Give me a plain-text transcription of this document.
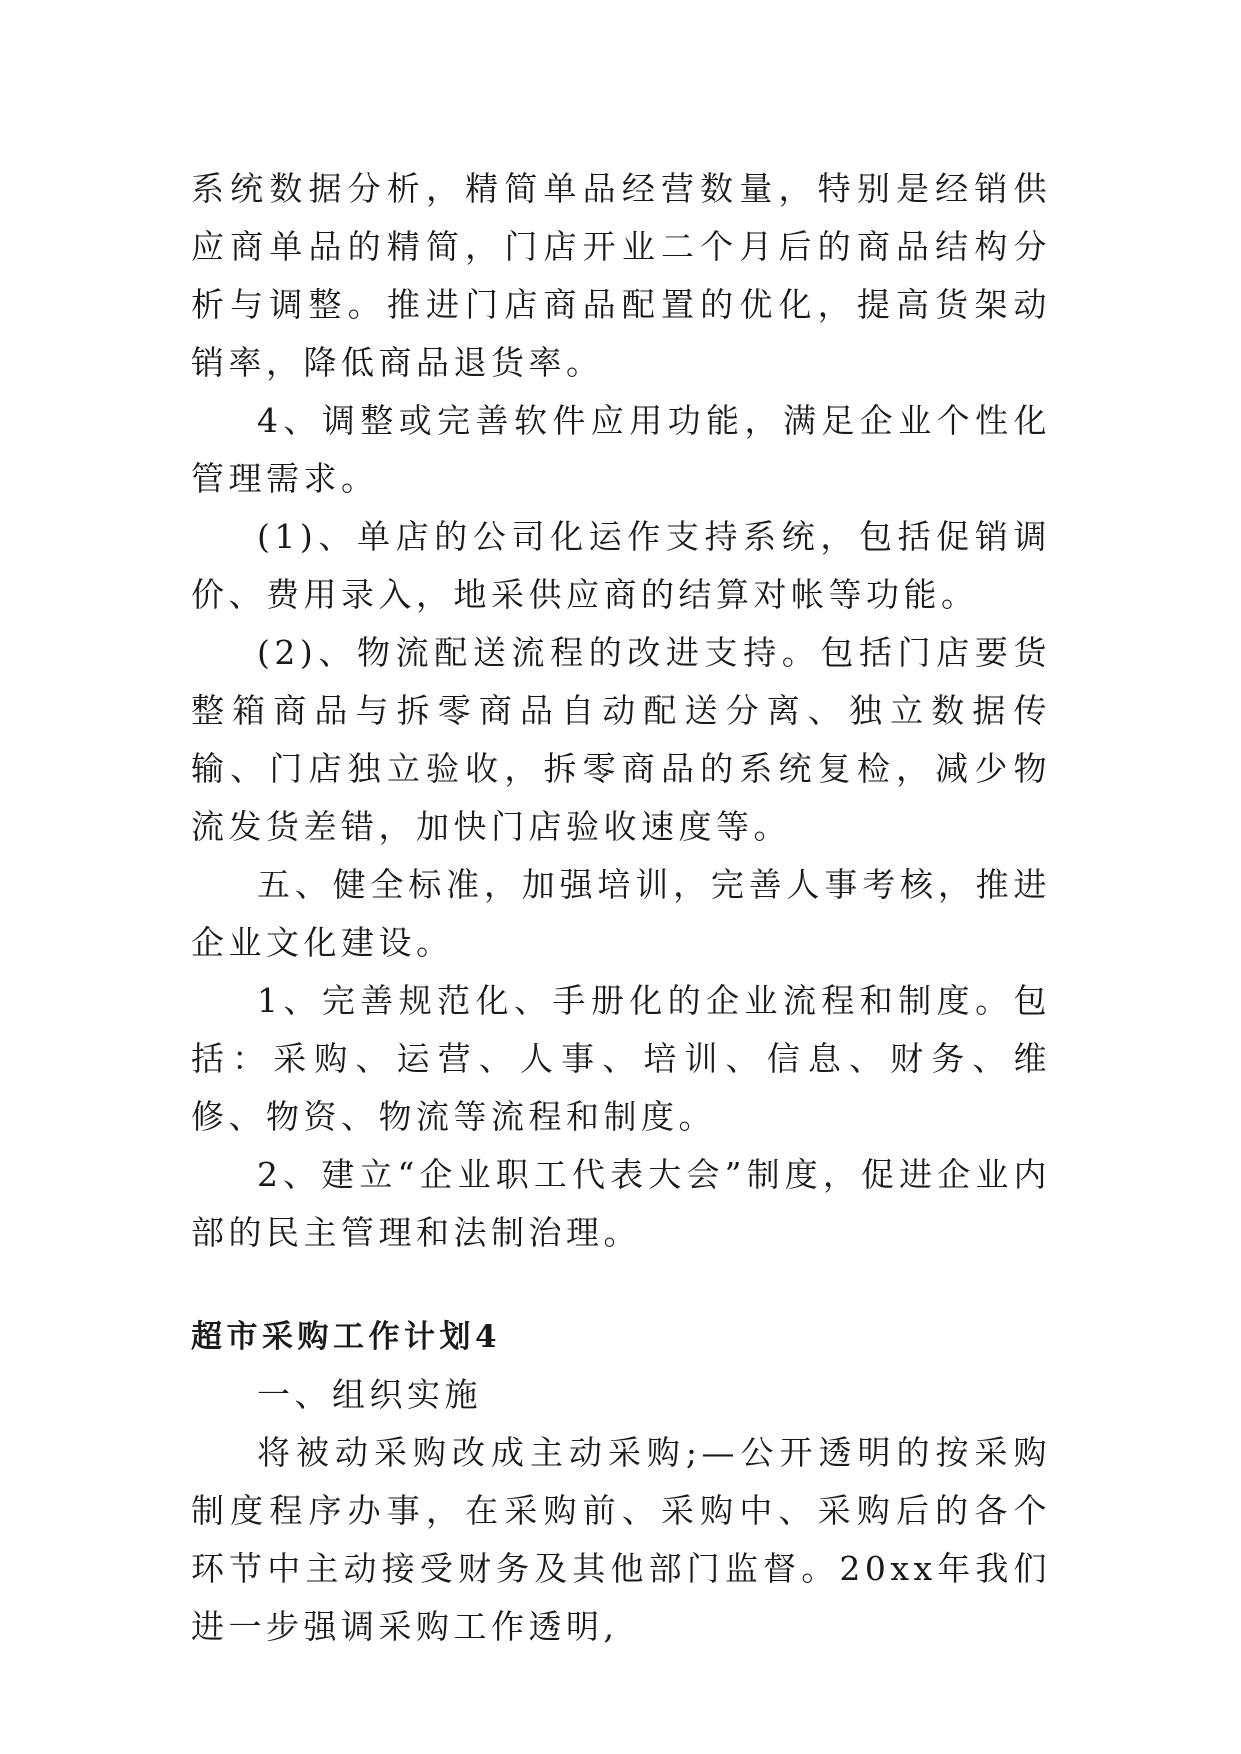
系统数据分析，精简单品经营数量，特别是经销供应商单品的精简，门店开业二个月后的商品结构分析与调整。推进门店商品配置的优化，提高货架动销率，降低商品退货率。

4、调整或完善软件应用功能，满足企业个性化管理需求。

(1)、单店的公司化运作支持系统，包括促销调价、费用录入，地采供应商的结算对帐等功能。

(2)、物流配送流程的改进支持。包括门店要货整箱商品与拆零商品自动配送分离、独立数据传输、门店独立验收，拆零商品的系统复检，减少物流发货差错，加快门店验收速度等。

五、健全标准，加强培训，完善人事考核，推进企业文化建设。

1、完善规范化、手册化的企业流程和制度。包括：采购、运营、人事、培训、信息、财务、维修、物资、物流等流程和制度。

2、建立“企业职工代表大会”制度，促进企业内部的民主管理和法制治理。

超市采购工作计划4

一、组织实施

将被动采购改成主动采购;—公开透明的按采购制度程序办事，在采购前、采购中、采购后的各个环节中主动接受财务及其他部门监督。20xx年我们进一步强调采购工作透明,
